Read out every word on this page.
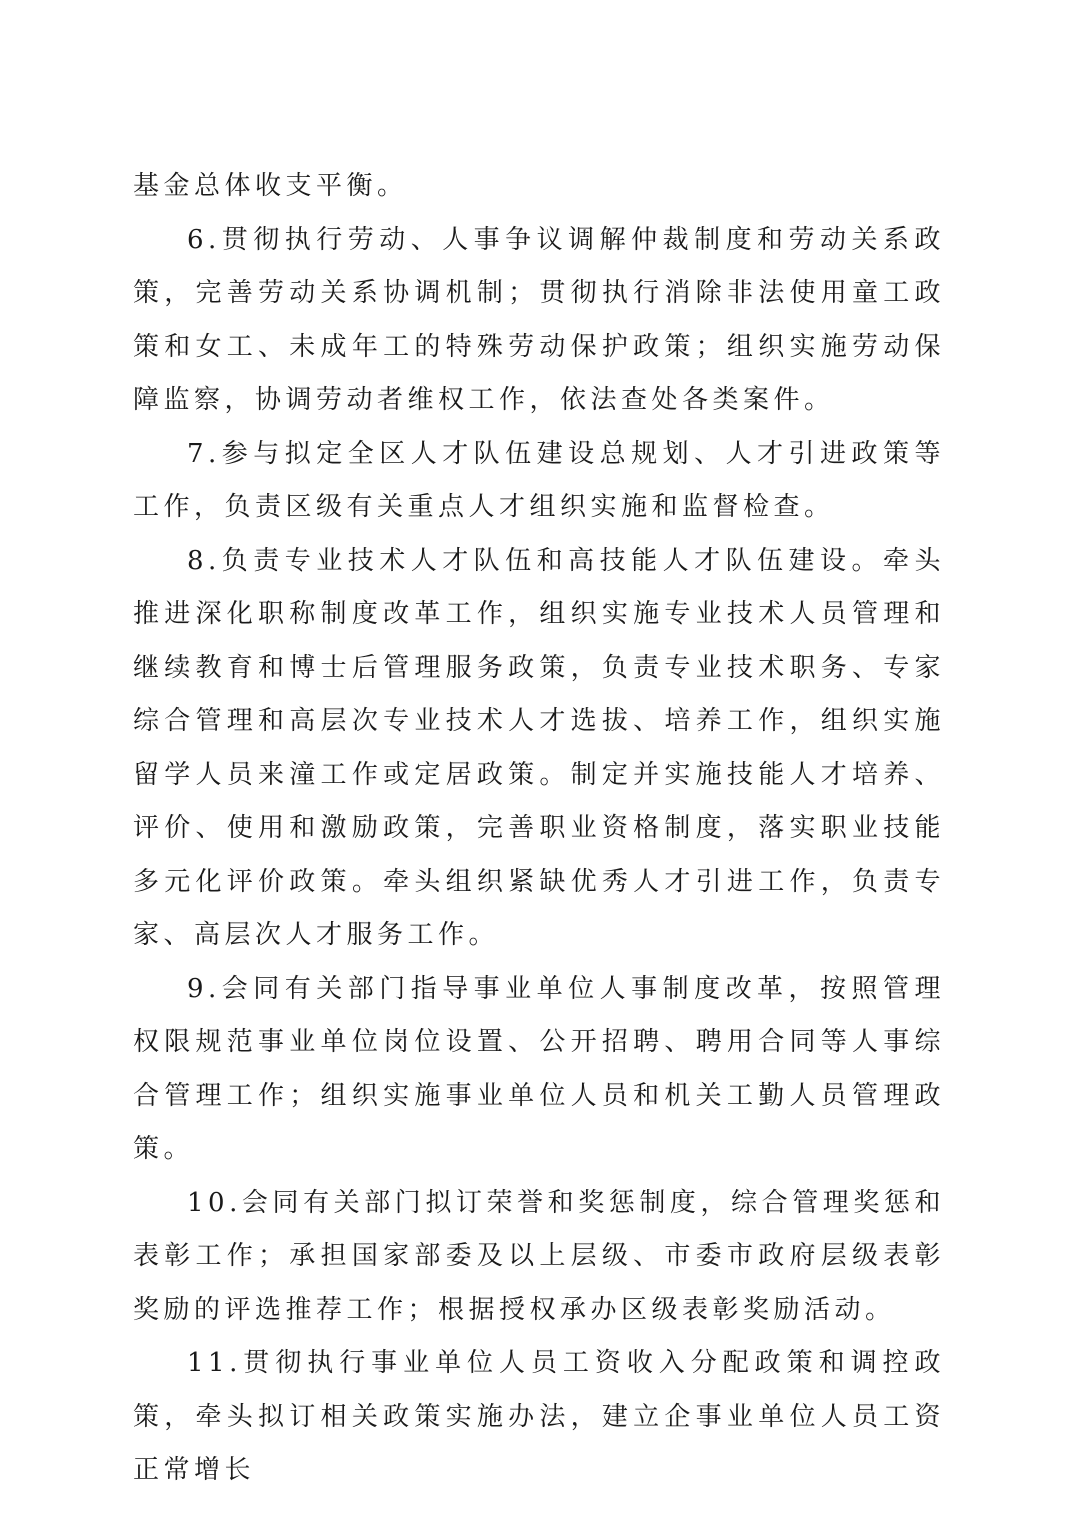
基金总体收支平衡。

6.贯彻执行劳动、人事争议调解仲裁制度和劳动关系政策，完善劳动关系协调机制；贯彻执行消除非法使用童工政策和女工、未成年工的特殊劳动保护政策；组织实施劳动保障监察，协调劳动者维权工作，依法查处各类案件。

7.参与拟定全区人才队伍建设总规划、人才引进政策等工作，负责区级有关重点人才组织实施和监督检查。

8.负责专业技术人才队伍和高技能人才队伍建设。牵头推进深化职称制度改革工作，组织实施专业技术人员管理和继续教育和博士后管理服务政策，负责专业技术职务、专家综合管理和高层次专业技术人才选拔、培养工作，组织实施留学人员来潼工作或定居政策。制定并实施技能人才培养、评价、使用和激励政策，完善职业资格制度，落实职业技能多元化评价政策。牵头组织紧缺优秀人才引进工作，负责专家、高层次人才服务工作。

9.会同有关部门指导事业单位人事制度改革，按照管理权限规范事业单位岗位设置、公开招聘、聘用合同等人事综合管理工作；组织实施事业单位人员和机关工勤人员管理政策。

10.会同有关部门拟订荣誉和奖惩制度，综合管理奖惩和表彰工作；承担国家部委及以上层级、市委市政府层级表彰奖励的评选推荐工作；根据授权承办区级表彰奖励活动。

11.贯彻执行事业单位人员工资收入分配政策和调控政策，牵头拟订相关政策实施办法，建立企事业单位人员工资正常增长
